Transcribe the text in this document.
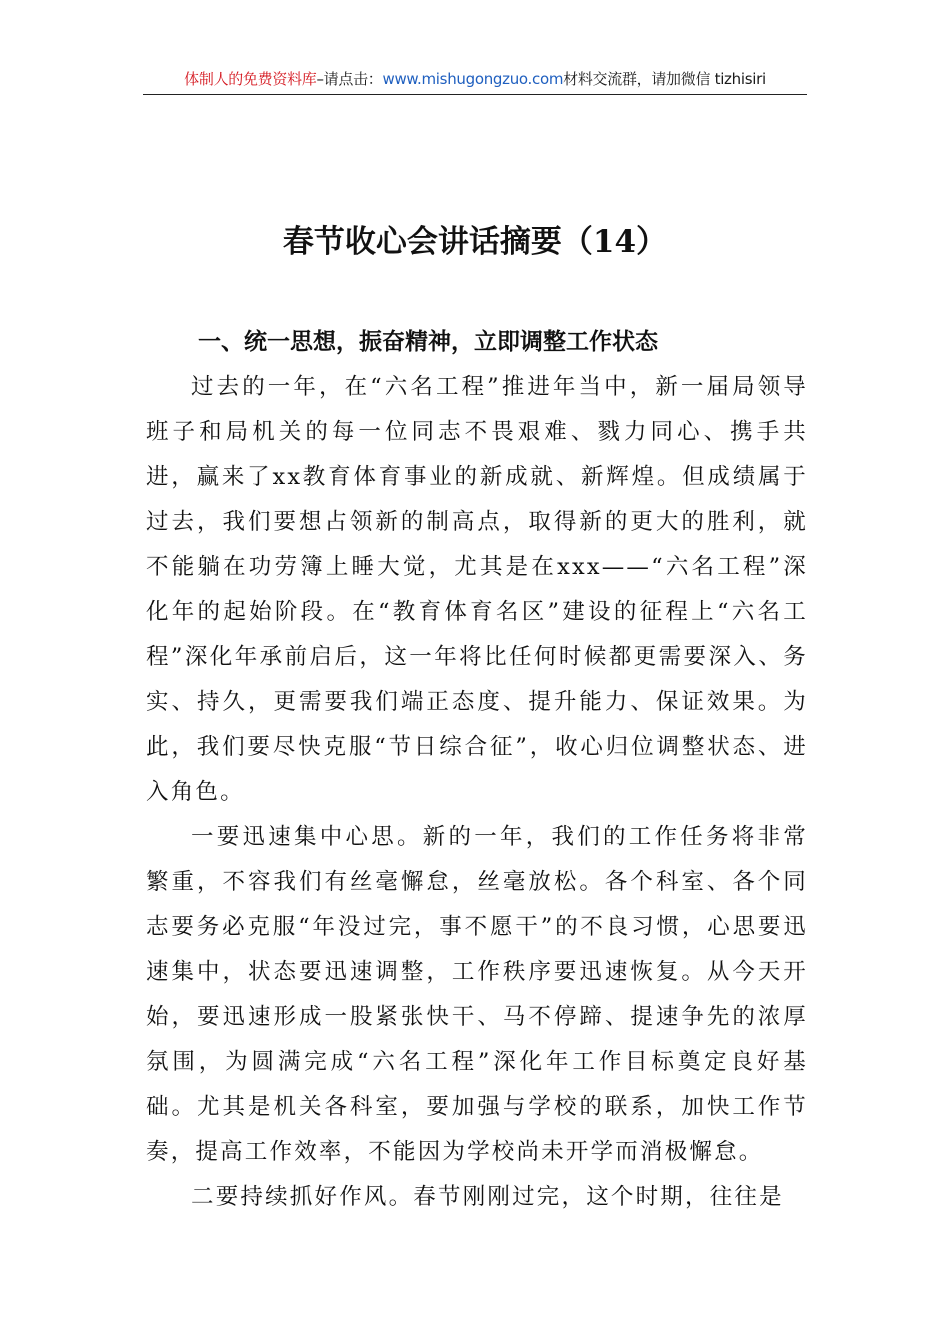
体制人的免费资料库–请点击：www.mishugongzuo.com材料交流群，请加微信 tizhisiri
春节收心会讲话摘要（14）
一、统一思想，振奋精神，立即调整工作状态

过去的一年，在“六名工程”推进年当中，新一届局领导班子和局机关的每一位同志不畏艰难、戮力同心、携手共进，赢来了xx教育体育事业的新成就、新辉煌。但成绩属于过去，我们要想占领新的制高点，取得新的更大的胜利，就不能躺在功劳簿上睡大觉，尤其是在xxx——“六名工程”深化年的起始阶段。在“教育体育名区”建设的征程上“六名工程”深化年承前启后，这一年将比任何时候都更需要深入、务实、持久，更需要我们端正态度、提升能力、保证效果。为此，我们要尽快克服“节日综合征”，收心归位调整状态、进入角色。

一要迅速集中心思。新的一年，我们的工作任务将非常繁重，不容我们有丝毫懈怠，丝毫放松。各个科室、各个同志要务必克服“年没过完，事不愿干”的不良习惯，心思要迅速集中，状态要迅速调整，工作秩序要迅速恢复。从今天开始，要迅速形成一股紧张快干、马不停蹄、提速争先的浓厚氛围，为圆满完成“六名工程”深化年工作目标奠定良好基础。尤其是机关各科室，要加强与学校的联系，加快工作节奏，提高工作效率，不能因为学校尚未开学而消极懈怠。

二要持续抓好作风。春节刚刚过完，这个时期，往往是
